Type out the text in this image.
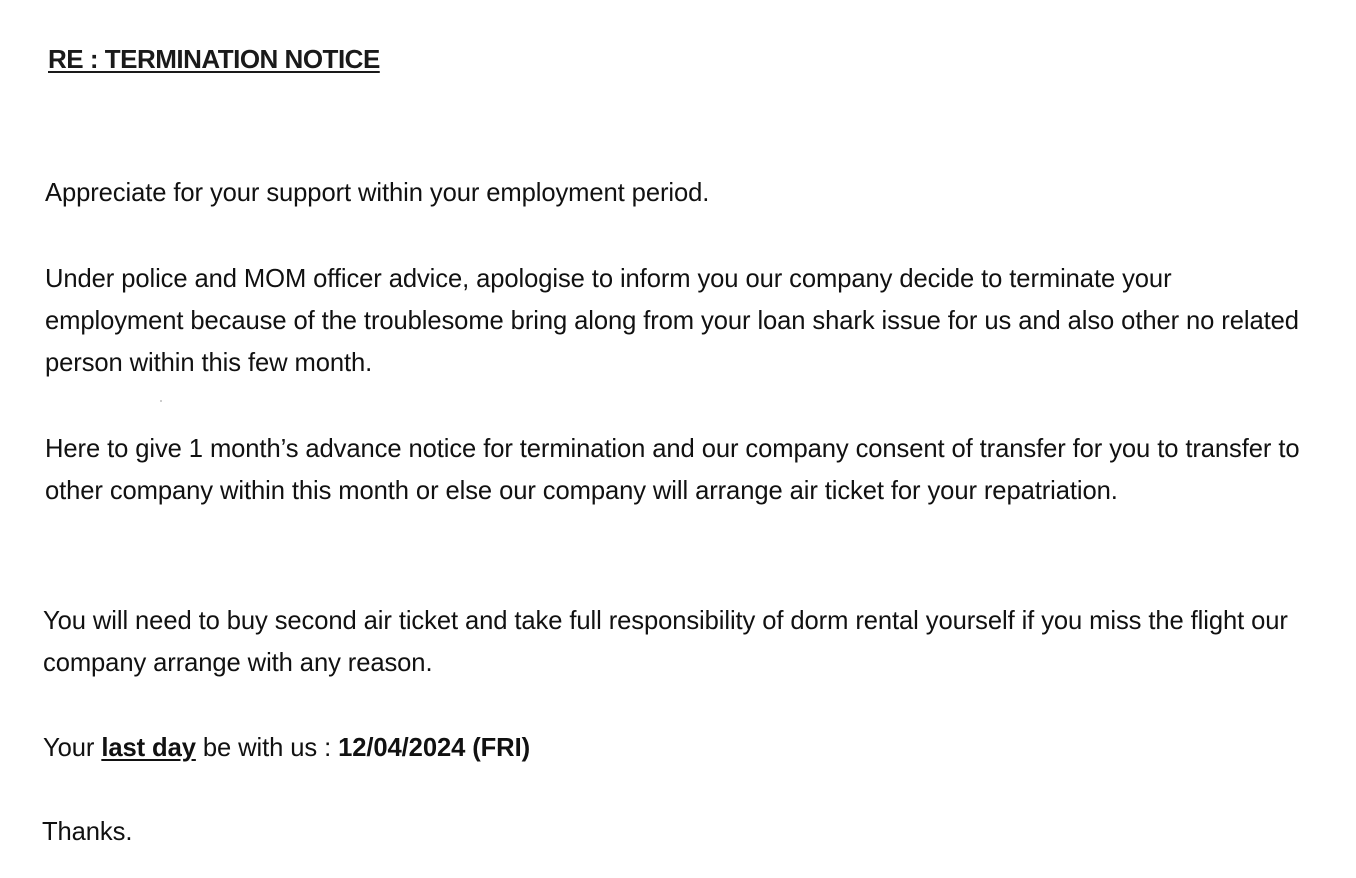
RE : TERMINATION NOTICE

Appreciate for your support within your employment period.

Under police and MOM officer advice, apologise to inform you our company decide to terminate your employment because of the troublesome bring along from your loan shark issue for us and also other no related person within this few month.

Here to give 1 month’s advance notice for termination and our company consent of transfer for you to transfer to other company within this month or else our company will arrange air ticket for your repatriation.

You will need to buy second air ticket and take full responsibility of dorm rental yourself if you miss the flight our company arrange with any reason.

Your last day be with us : 12/04/2024 (FRI)

Thanks.
